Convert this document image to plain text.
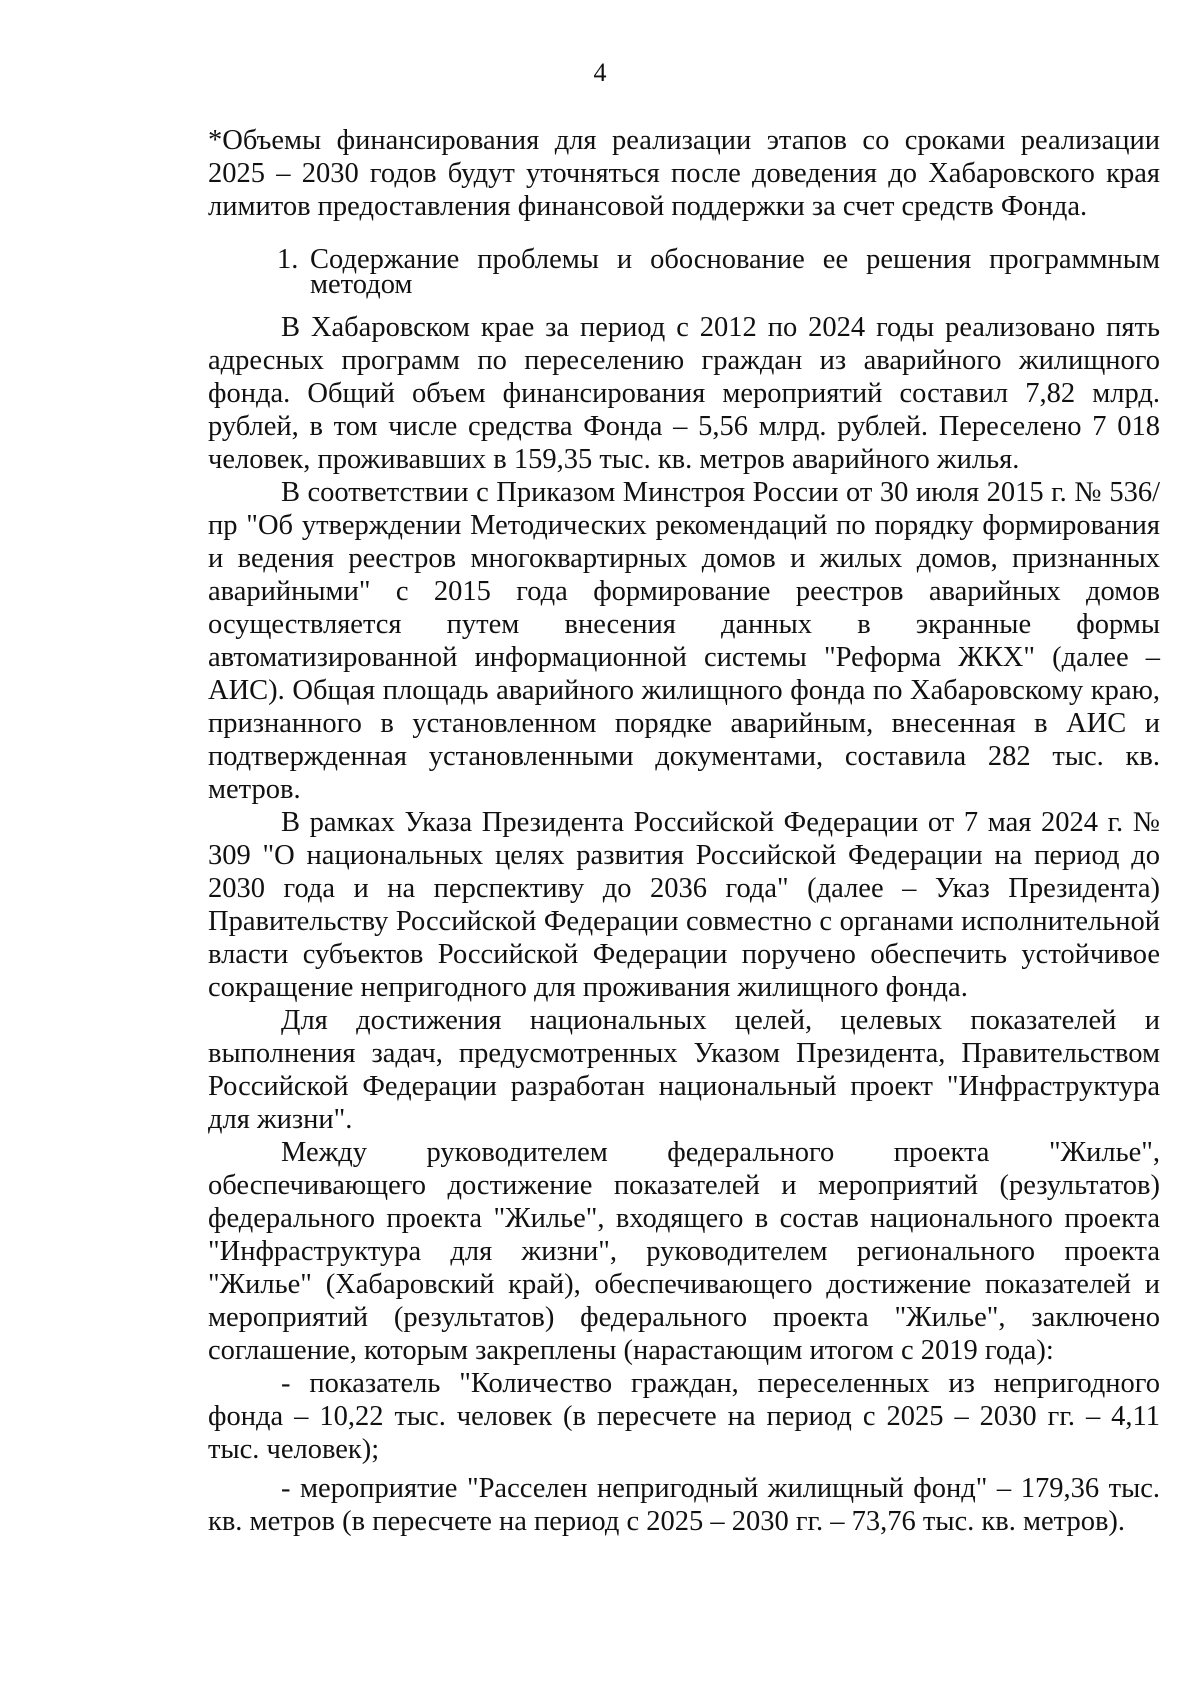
4

*Объемы финансирования для реализации этапов со сроками реализации 2025 – 2030 годов будут уточняться после доведения до Хабаровского края лимитов предоставления финансовой поддержки за счет средств Фонда.

1. Содержание проблемы и обоснование ее решения программным методом

В Хабаровском крае за период с 2012 по 2024 годы реализовано пять адресных программ по переселению граждан из аварийного жилищного фонда. Общий объем финансирования мероприятий составил 7,82 млрд. рублей, в том числе средства Фонда – 5,56 млрд. рублей. Переселено 7 018 человек, проживавших в 159,35 тыс. кв. метров аварийного жилья.

В соответствии с Приказом Минстроя России от 30 июля 2015 г. № 536/пр "Об утверждении Методических рекомендаций по порядку формирования и ведения реестров многоквартирных домов и жилых домов, признанных аварийными" с 2015 года формирование реестров аварийных домов осуществляется путем внесения данных в экранные формы автоматизированной информационной системы "Реформа ЖКХ" (далее – АИС). Общая площадь аварийного жилищного фонда по Хабаровскому краю, признанного в установленном порядке аварийным, внесенная в АИС и подтвержденная установленными документами, составила 282 тыс. кв. метров.

В рамках Указа Президента Российской Федерации от 7 мая 2024 г. № 309 "О национальных целях развития Российской Федерации на период до 2030 года и на перспективу до 2036 года" (далее – Указ Президента) Правительству Российской Федерации совместно с органами исполнительной власти субъектов Российской Федерации поручено обеспечить устойчивое сокращение непригодного для проживания жилищного фонда.

Для достижения национальных целей, целевых показателей и выполнения задач, предусмотренных Указом Президента, Правительством Российской Федерации разработан национальный проект "Инфраструктура для жизни".

Между руководителем федерального проекта "Жилье", обеспечивающего достижение показателей и мероприятий (результатов) федерального проекта "Жилье", входящего в состав национального проекта "Инфраструктура для жизни", руководителем регионального проекта "Жилье" (Хабаровский край), обеспечивающего достижение показателей и мероприятий (результатов) федерального проекта "Жилье", заключено соглашение, которым закреплены (нарастающим итогом с 2019 года):

- показатель "Количество граждан, переселенных из непригодного фонда – 10,22 тыс. человек (в пересчете на период с 2025 – 2030 гг. – 4,11 тыс. человек);

- мероприятие "Расселен непригодный жилищный фонд" – 179,36 тыс. кв. метров (в пересчете на период с 2025 – 2030 гг. – 73,76 тыс. кв. метров).
